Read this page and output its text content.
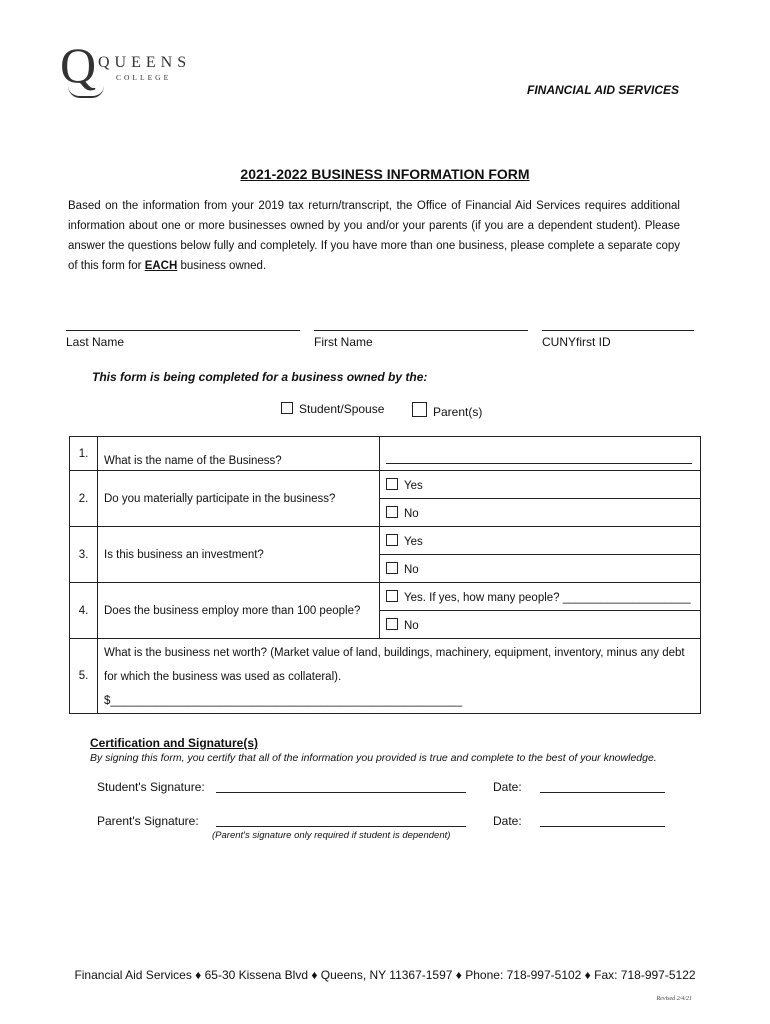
Q QUEENS
COLLEGE
FINANCIAL AID SERVICES
2021-2022 BUSINESS INFORMATION FORM
Based on the information from your 2019 tax return/transcript, the Office of Financial Aid Services requires additional information about one or more businesses owned by you and/or your parents (if you are a dependent student). Please answer the questions below fully and completely. If you have more than one business, please complete a separate copy of this form for EACH business owned.
Last Name	First Name	CUNYfirst ID
This form is being completed for a business owned by the:
Student/Spouse	Parent(s)
1.	What is the name of the Business?	

2.	Do you materially participate in the business?	Yes
		No
3.	Is this business an investment?	Yes
		No
4.	Does the business employ more than 100 people?	Yes. If yes, how many people? ____________________
		No
5.	What is the business net worth? (Market value of land, buildings, machinery, equipment, inventory, minus any debt
for which the business was used as collateral). $_______________________________________________________	
Certification and Signature(s)
By signing this form, you certify that all of the information you provided is true and complete to the best of your knowledge.
Student's Signature:	Date:
Parent's Signature:	Date:
(Parent's signature only required if student is dependent)
Financial Aid Services ♦ 65-30 Kissena Blvd ♦ Queens, NY 11367-1597 ♦ Phone: 718-997-5102 ♦ Fax: 718-997-5122
Revised 2/4/21
